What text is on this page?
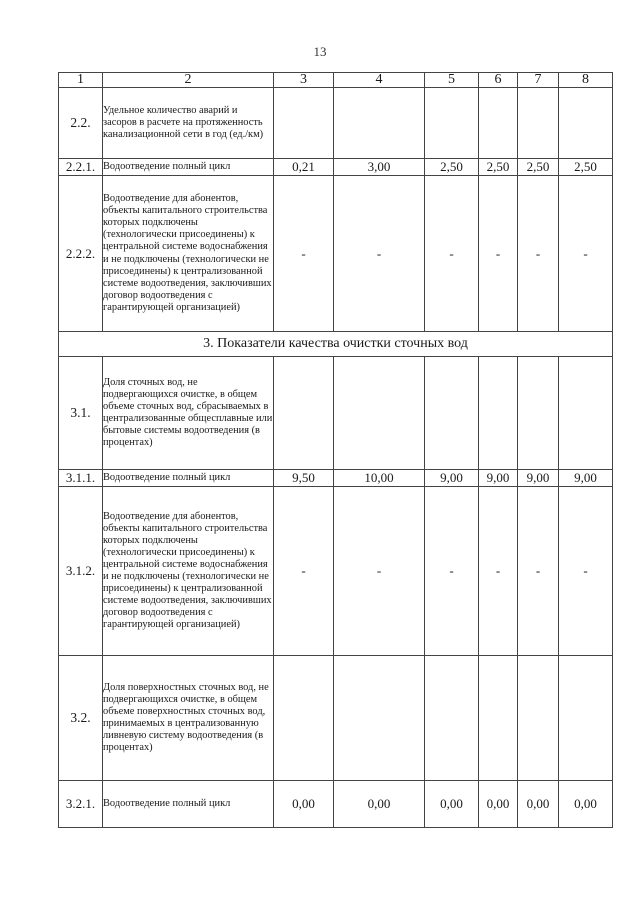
13
1	2	3	4	5	6	7	8
2.2.	Удельное количество аварий и засоров в расчете на протяженность канализационной сети в год (ед./км)						
2.2.1.	Водоотведение полный цикл	0,21	3,00	2,50	2,50	2,50	2,50
2.2.2.	Водоотведение для абонентов, объекты капитального строительства которых подключены (технологически присоединены) к центральной системе водоснабжения и не подключены (технологически не присоединены) к централизованной системе водоотведения, заключивших договор водоотведения с гарантирующей организацией)	-	-	-	-	-	-
3. Показатели качества очистки сточных вод							
3.1.	Доля сточных вод, не подвергающихся очистке, в общем объеме сточных вод, сбрасываемых в централизованные общесплавные или бытовые системы водоотведения (в процентах)						
3.1.1.	Водоотведение полный цикл	9,50	10,00	9,00	9,00	9,00	9,00
3.1.2.	Водоотведение для абонентов, объекты капитального строительства которых подключены (технологически присоединены) к центральной системе водоснабжения и не подключены (технологически не присоединены) к централизованной системе водоотведения, заключивших договор водоотведения с гарантирующей организацией)	-	-	-	-	-	-
3.2.	Доля поверхностных сточных вод, не подвергающихся очистке, в общем объеме поверхностных сточных вод, принимаемых в централизованную ливневую систему водоотведения (в процентах)						
3.2.1.	Водоотведение полный цикл	0,00	0,00	0,00	0,00	0,00	0,00
